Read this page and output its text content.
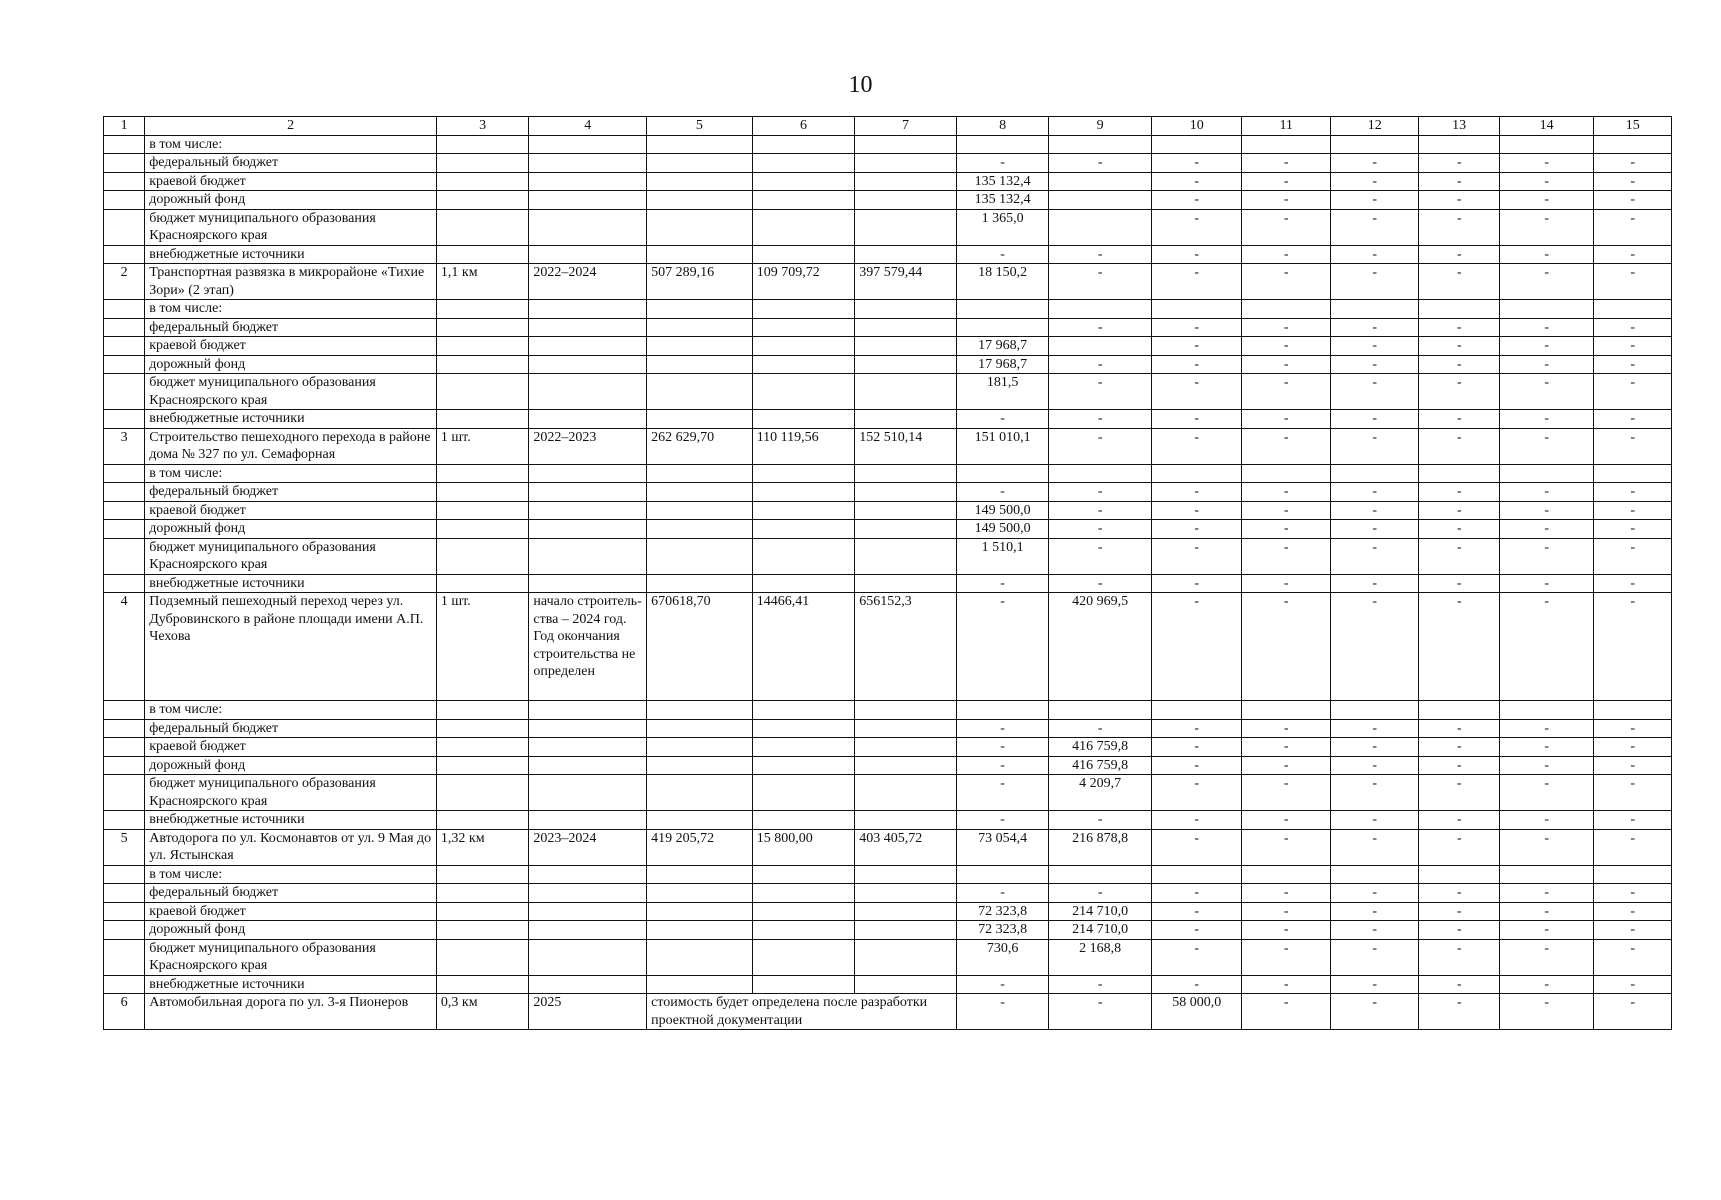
10
1	2	3	4	5	6	7	8	9	10	11	12	13	14	15
	в том числе:													
	федеральный бюджет						-	-	-	-	-	-	-	-
	краевой бюджет						135 132,4		-	-	-	-	-	-
	дорожный фонд						135 132,4		-	-	-	-	-	-
	бюджет муниципального образования Красноярского края						1 365,0		-	-	-	-	-	-
	внебюджетные источники						-	-	-	-	-	-	-	-
2	Транспортная развязка в микрорайоне «Тихие Зори» (2 этап)	1,1 км	2022–2024	507 289,16	109 709,72	397 579,44	18 150,2	-	-	-	-	-	-	-
	в том числе:													
	федеральный бюджет							-	-	-	-	-	-	-
	краевой бюджет						17 968,7		-	-	-	-	-	-
	дорожный фонд						17 968,7	-	-	-	-	-	-	-
	бюджет муниципального образования Красноярского края						181,5	-	-	-	-	-	-	-
	внебюджетные источники						-	-	-	-	-	-	-	-
3	Строительство пешеходного перехода в районе дома № 327 по ул. Семафорная	1 шт.	2022–2023	262 629,70	110 119,56	152 510,14	151 010,1	-	-	-	-	-	-	-
	в том числе:													
	федеральный бюджет						-	-	-	-	-	-	-	-
	краевой бюджет						149 500,0	-	-	-	-	-	-	-
	дорожный фонд						149 500,0	-	-	-	-	-	-	-
	бюджет муниципального образования Красноярского края						1 510,1	-	-	-	-	-	-	-
	внебюджетные источники						-	-	-	-	-	-	-	-
4	Подземный пешеходный переход через ул. Дубровинского в районе площади имени А.П. Чехова	1 шт.	начало строитель-ства – 2024 год. Год окончания строительства не определен	670618,70	14466,41	656152,3	-	420 969,5	-	-	-	-	-	-
	в том числе:													
	федеральный бюджет						-	-	-	-	-	-	-	-
	краевой бюджет						-	416 759,8	-	-	-	-	-	-
	дорожный фонд						-	416 759,8	-	-	-	-	-	-
	бюджет муниципального образования Красноярского края						-	4 209,7	-	-	-	-	-	-
	внебюджетные источники						-	-	-	-	-	-	-	-
5	Автодорога по ул. Космонавтов от ул. 9 Мая до ул. Ястынская	1,32 км	2023–2024	419 205,72	15 800,00	403 405,72	73 054,4	216 878,8	-	-	-	-	-	-
	в том числе:													
	федеральный бюджет						-	-	-	-	-	-	-	-
	краевой бюджет						72 323,8	214 710,0	-	-	-	-	-	-
	дорожный фонд						72 323,8	214 710,0	-	-	-	-	-	-
	бюджет муниципального образования Красноярского края						730,6	2 168,8	-	-	-	-	-	-
	внебюджетные источники						-	-	-	-	-	-	-	-
6	Автомобильная дорога по ул. 3-я Пионеров	0,3 км	2025	стоимость будет определена после разработки проектной документации			-	-	58 000,0	-	-	-	-	-
